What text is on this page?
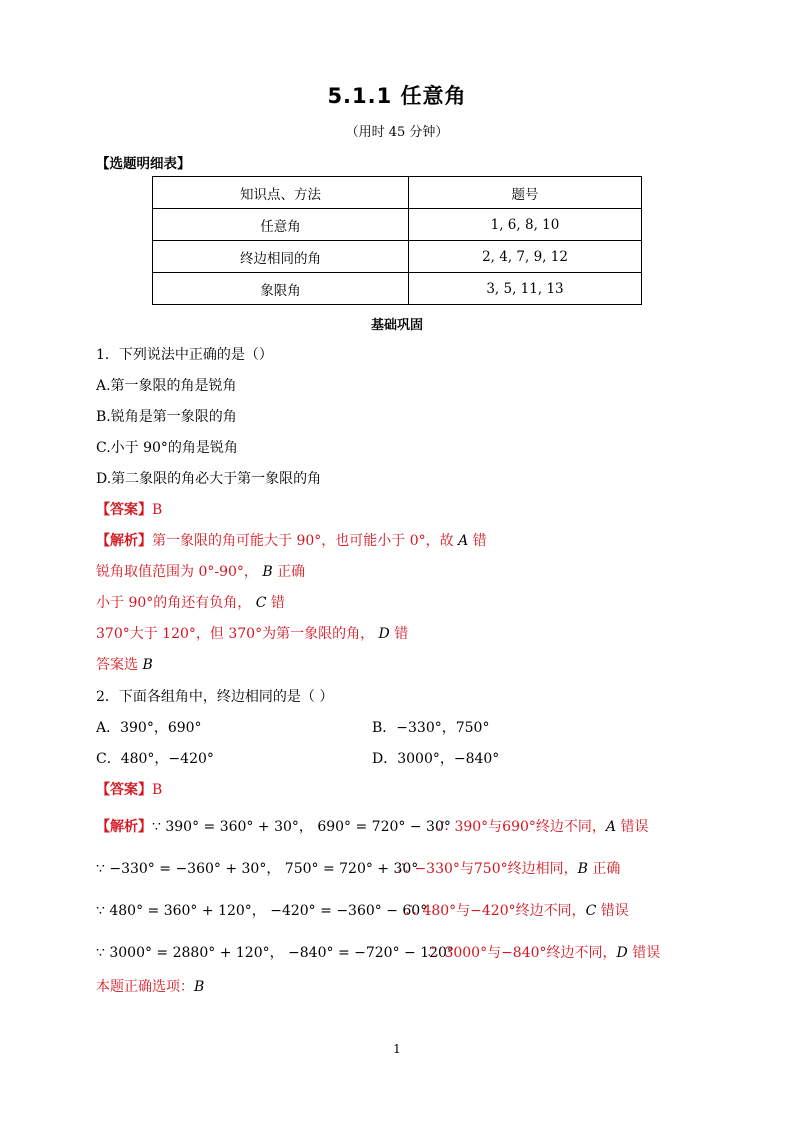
5.1.1 任意角
（用时 45 分钟）
【选题明细表】
知识点、方法	题号
任意角	1, 6, 8, 10
终边相同的角	2, 4, 7, 9, 12
象限角	3, 5, 11, 13
基础巩固
1．下列说法中正确的是（）
A.第一象限的角是锐角
B.锐角是第一象限的角
C.小于 90°的角是锐角
D.第二象限的角必大于第一象限的角
【答案】B
【解析】第一象限的角可能大于 90°，也可能小于 0°，故 A 错
锐角取值范围为 0°-90°， B 正确
小于 90°的角还有负角， C 错
370°大于 120°，但 370°为第一象限的角， D 错
答案选 B
2．下面各组角中，终边相同的是（ ）
A．390°，690°	B．−330°，750°
C．480°，−420°	D．3000°，−840°
【答案】B
【解析】∵ 390° = 360° + 30°， 690° = 720° − 30°
∴ 390°与690°终边不同，A 错误
∵ −330° = −360° + 30°， 750° = 720° + 30°
∴ −330°与750°终边相同，B 正确
∵ 480° = 360° + 120°， −420° = −360° − 60°
∴ 480°与−420°终边不同，C 错误
∵ 3000° = 2880° + 120°， −840° = −720° − 120°
∴ 3000°与−840°终边不同，D 错误
本题正确选项：B
1
